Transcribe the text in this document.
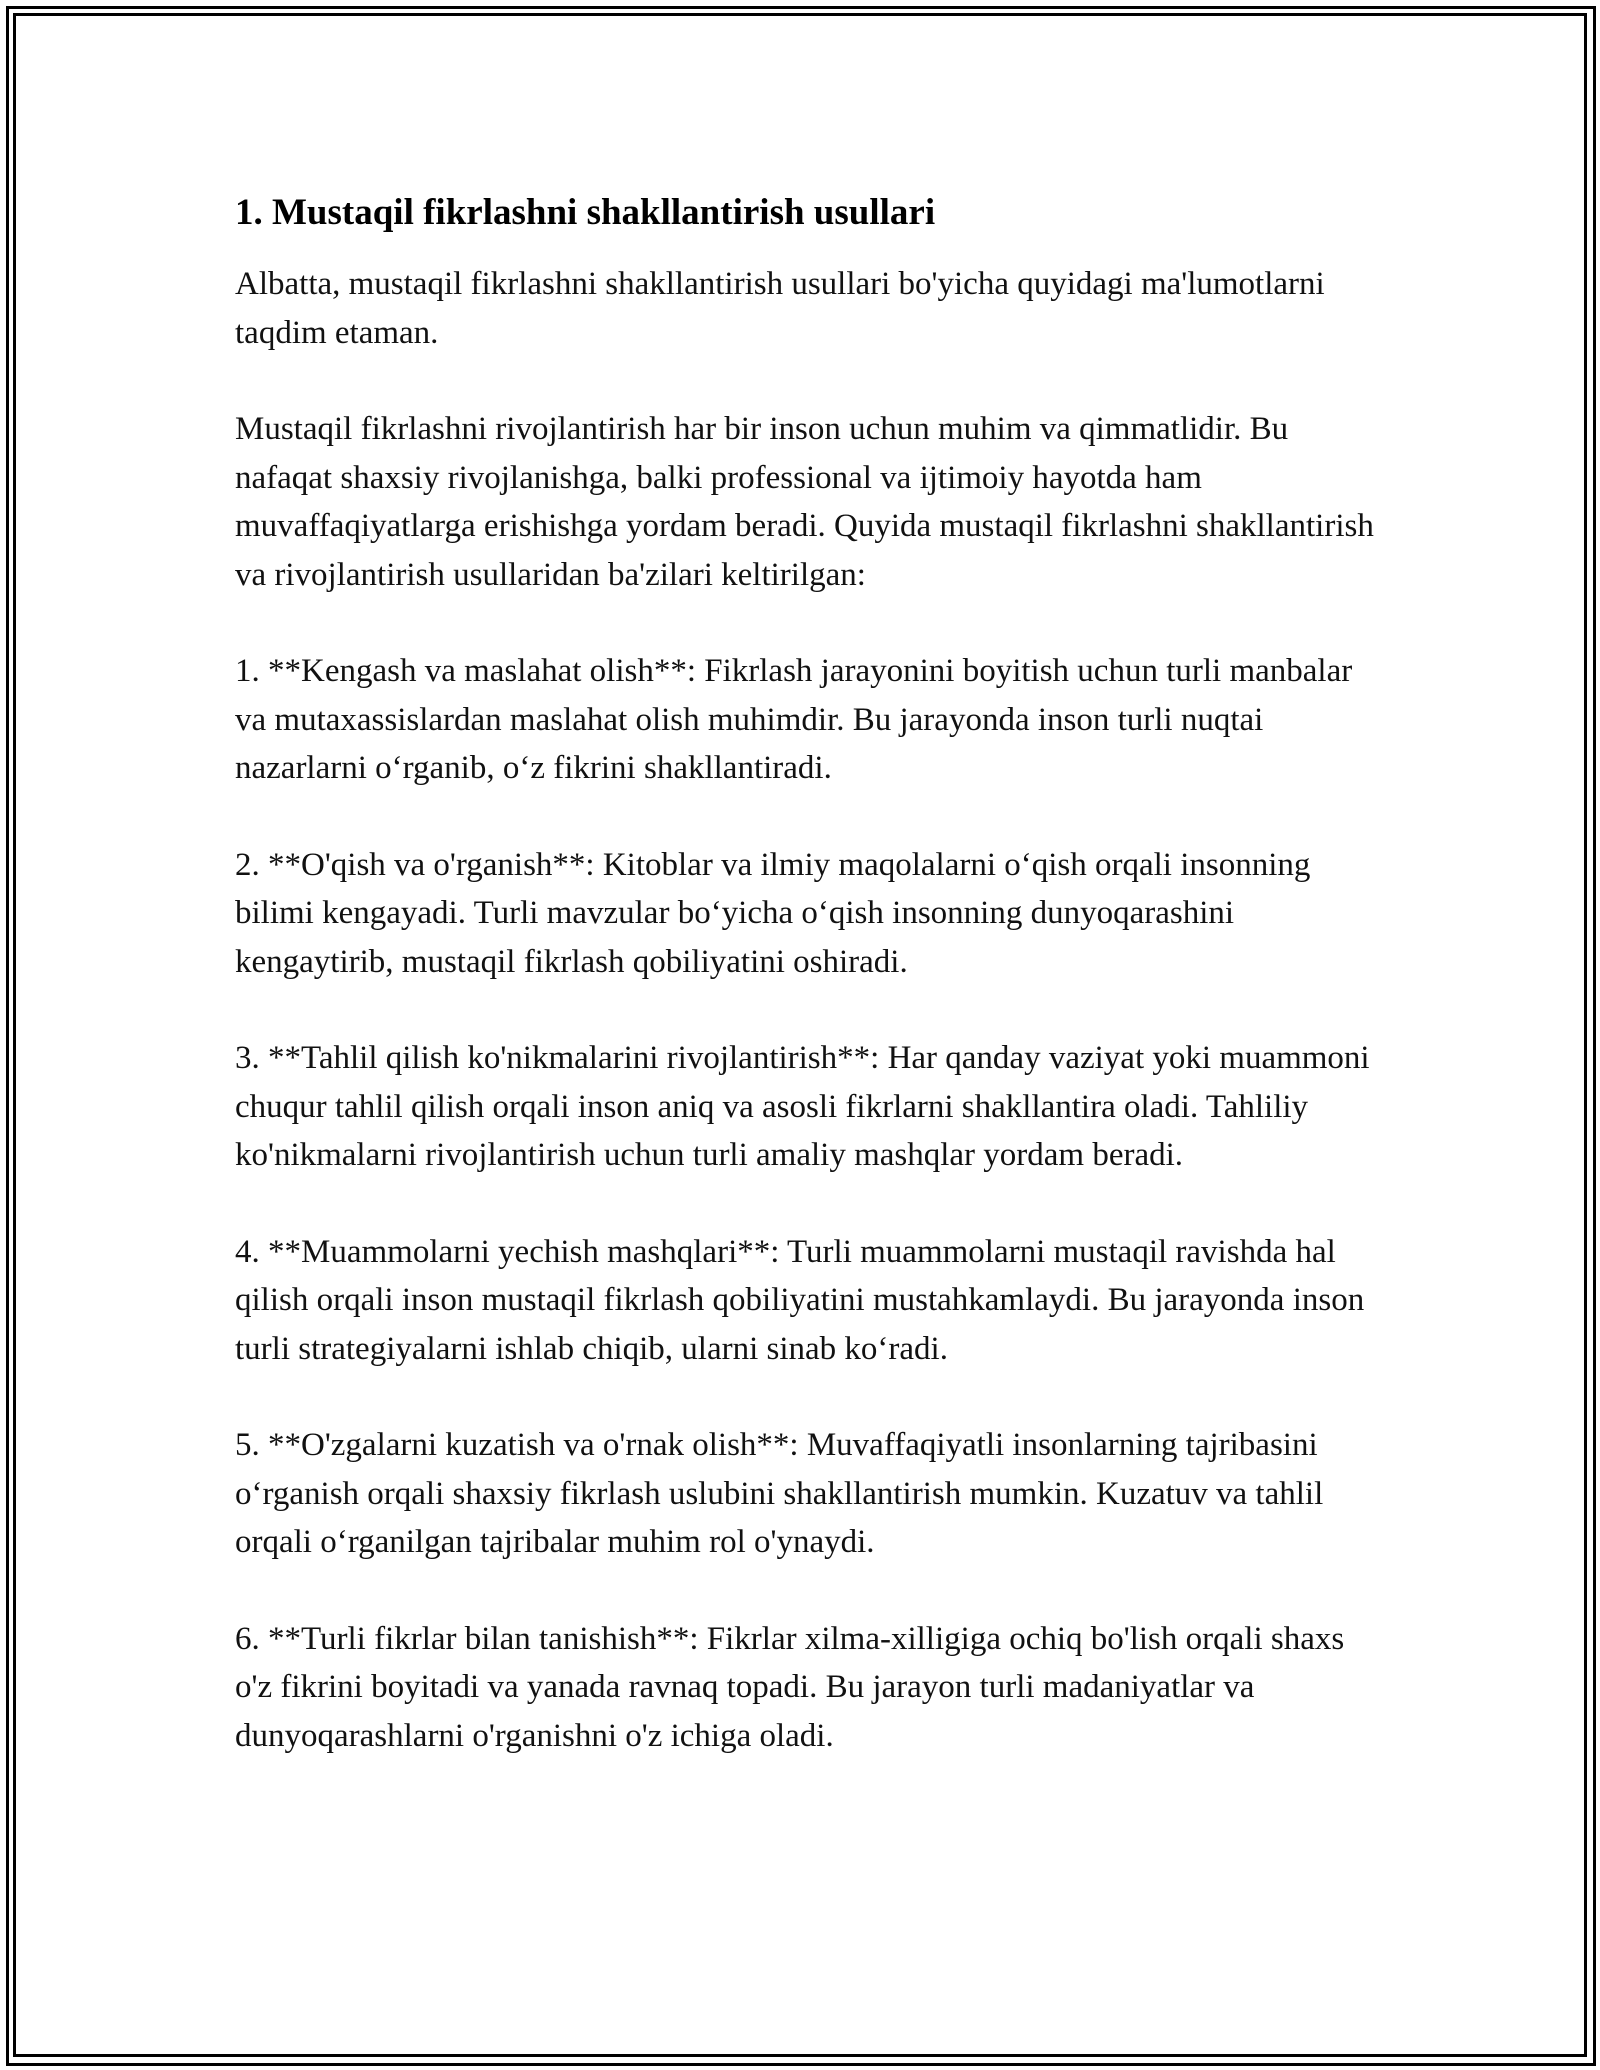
1. Mustaqil fikrlashni shakllantirish usullari

Albatta, mustaqil fikrlashni shakllantirish usullari bo'yicha quyidagi ma'lumotlarni taqdim etaman.

Mustaqil fikrlashni rivojlantirish har bir inson uchun muhim va qimmatlidir. Bu nafaqat shaxsiy rivojlanishga, balki professional va ijtimoiy hayotda ham muvaffaqiyatlarga erishishga yordam beradi. Quyida mustaqil fikrlashni shakllantirish va rivojlantirish usullaridan ba'zilari keltirilgan:

1. **Kengash va maslahat olish**: Fikrlash jarayonini boyitish uchun turli manbalar va mutaxassislardan maslahat olish muhimdir. Bu jarayonda inson turli nuqtai nazarlarni o‘rganib, o‘z fikrini shakllantiradi.

2. **O'qish va o'rganish**: Kitoblar va ilmiy maqolalarni o‘qish orqali insonning bilimi kengayadi. Turli mavzular bo‘yicha o‘qish insonning dunyoqarashini kengaytirib, mustaqil fikrlash qobiliyatini oshiradi.

3. **Tahlil qilish ko'nikmalarini rivojlantirish**: Har qanday vaziyat yoki muammoni chuqur tahlil qilish orqali inson aniq va asosli fikrlarni shakllantira oladi. Tahliliy ko'nikmalarni rivojlantirish uchun turli amaliy mashqlar yordam beradi.

4. **Muammolarni yechish mashqlari**: Turli muammolarni mustaqil ravishda hal qilish orqali inson mustaqil fikrlash qobiliyatini mustahkamlaydi. Bu jarayonda inson turli strategiyalarni ishlab chiqib, ularni sinab ko‘radi.

5. **O'zgalarni kuzatish va o'rnak olish**: Muvaffaqiyatli insonlarning tajribasini o‘rganish orqali shaxsiy fikrlash uslubini shakllantirish mumkin. Kuzatuv va tahlil orqali o‘rganilgan tajribalar muhim rol o'ynaydi.

6. **Turli fikrlar bilan tanishish**: Fikrlar xilma-xilligiga ochiq bo'lish orqali shaxs o'z fikrini boyitadi va yanada ravnaq topadi. Bu jarayon turli madaniyatlar va dunyoqarashlarni o'rganishni o'z ichiga oladi.
